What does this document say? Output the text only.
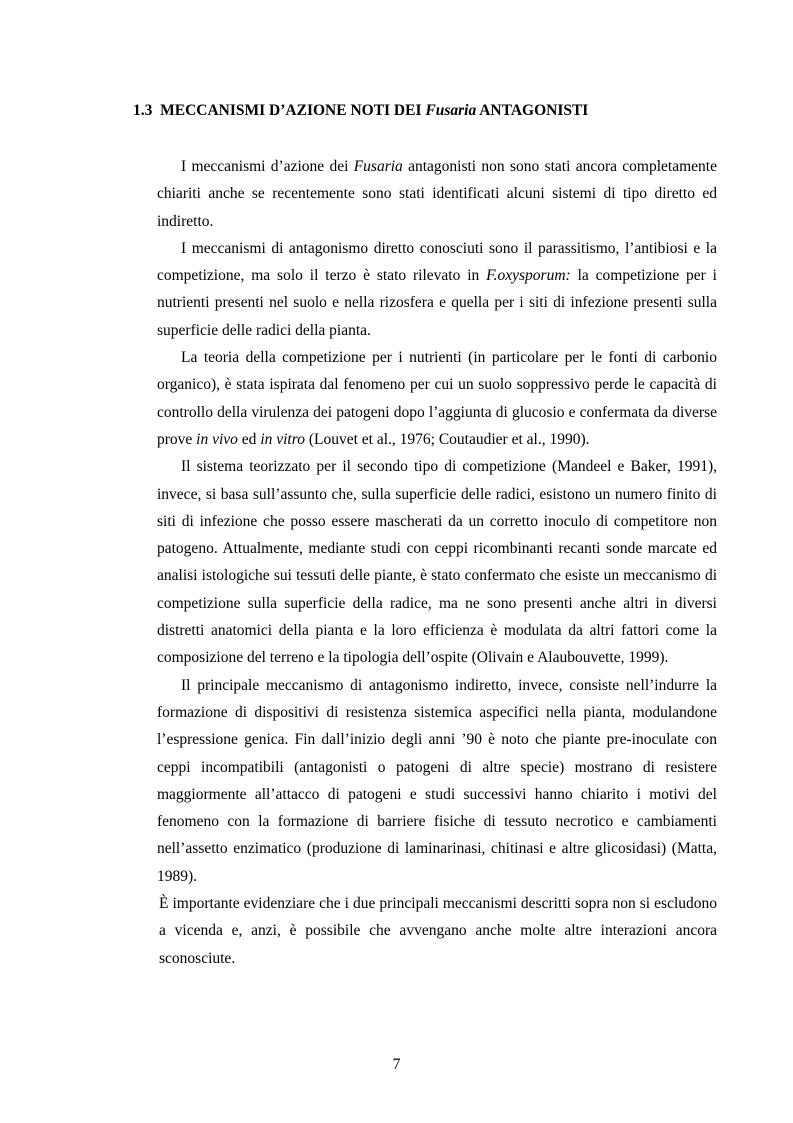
1.3 MECCANISMI D’AZIONE NOTI DEI Fusaria ANTAGONISTI

I meccanismi d’azione dei Fusaria antagonisti non sono stati ancora completamente chiariti anche se recentemente sono stati identificati alcuni sistemi di tipo diretto ed indiretto.

I meccanismi di antagonismo diretto conosciuti sono il parassitismo, l’antibiosi e la competizione, ma solo il terzo è stato rilevato in F.oxysporum: la competizione per i nutrienti presenti nel suolo e nella rizosfera e quella per i siti di infezione presenti sulla superficie delle radici della pianta.

La teoria della competizione per i nutrienti (in particolare per le fonti di carbonio organico), è stata ispirata dal fenomeno per cui un suolo soppressivo perde le capacità di controllo della virulenza dei patogeni dopo l’aggiunta di glucosio e confermata da diverse prove in vivo ed in vitro (Louvet et al., 1976; Coutaudier et al., 1990).

Il sistema teorizzato per il secondo tipo di competizione (Mandeel e Baker, 1991), invece, si basa sull’assunto che, sulla superficie delle radici, esistono un numero finito di siti di infezione che posso essere mascherati da un corretto inoculo di competitore non patogeno. Attualmente, mediante studi con ceppi ricombinanti recanti sonde marcate ed analisi istologiche sui tessuti delle piante, è stato confermato che esiste un meccanismo di competizione sulla superficie della radice, ma ne sono presenti anche altri in diversi distretti anatomici della pianta e la loro efficienza è modulata da altri fattori come la composizione del terreno e la tipologia dell’ospite (Olivain e Alaubouvette, 1999).

Il principale meccanismo di antagonismo indiretto, invece, consiste nell’indurre la formazione di dispositivi di resistenza sistemica aspecifici nella pianta, modulandone l’espressione genica. Fin dall’inizio degli anni ’90 è noto che piante pre-inoculate con ceppi incompatibili (antagonisti o patogeni di altre specie) mostrano di resistere maggiormente all’attacco di patogeni e studi successivi hanno chiarito i motivi del fenomeno con la formazione di barriere fisiche di tessuto necrotico e cambiamenti nell’assetto enzimatico (produzione di laminarinasi, chitinasi e altre glicosidasi) (Matta, 1989).

È importante evidenziare che i due principali meccanismi descritti sopra non si escludono a vicenda e, anzi, è possibile che avvengano anche molte altre interazioni ancora sconosciute.

7
